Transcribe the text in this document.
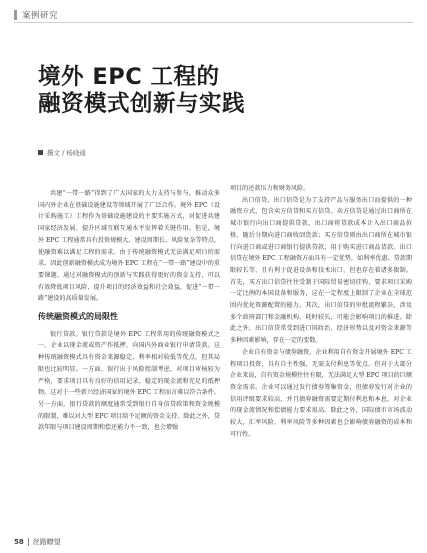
案例研究
境外 EPC 工程的
融资模式创新与实践
撰文 / 杨晓通

共建“一带一路”得到了广大国家的大力支持与参与，推动众多国内外企业在基础设施建设等领域开展了广泛合作。境外 EPC（设计采购施工）工程作为基础设施建设的主要实施方式，对促进共建国家经济发展、提升区域互联互通水平发挥着关键作用。但是，境外 EPC 工程通常具有投资规模大、建设周期长、风险复杂等特点，使融资难以满足工程的需求。由于传统融资模式无法满足项目的需求，因此创新融资模式成为境外 EPC 工程在“一带一路”建设中的重要课题。通过对融资模式的创新与实践获得更好的资金支持，可以有效降低项目风险，提升项目的经济效益和社会效益，促进“一带一路”建设的高质量发展。

传统融资模式的局限性

银行贷款。银行贷款是境外 EPC 工程常用的传统融资模式之一。企业以现金流或资产作抵押，向国内外商业银行申请贷款。这种传统融资模式具有资金来源稳定、利率相对较低等优点，但其局限也比较明显。一方面，银行出于风险控制考虑，对项目审核较为严格，要求项目具有良好的信用记录、稳定的现金流和充足的抵押物。这对于一些新兴经济国家的境外 EPC 工程而言难以符合条件。另一方面，银行贷款的额度通常受到银行自身信贷政策和资金规模的限制，难以对大型 EPC 项目给予足额的资金支持。除此之外，贷款年限与项目建设周期和偿还能力不一致，也会增强

项目的还款压力和财务风险。

出口信贷。出口信贷是为了支持产品与服务出口而提供的一种融资方式，包含卖方信贷和买方信贷。卖方信贷是通过出口商所在城市银行向出口商提供贷款，出口商将贷款成本计入出口商品价格，随后分期向进口商收回货款；买方信贷则由出口商所在城市银行向进口商或进口商银行提供贷款，用于购买进口商品货款。出口信贷在境外 EPC 工程融资方面具有一定优势，如利率优惠、贷款期限较长等，且有利于促进设备和技术出口，但也存在着诸多限制。首先，买方出口信贷往往受制于国际贸易密切挂钩，要求项目采购一定比例的本国设备和服务，这在一定程度上限制了企业在全球范围内优化资源配置的能力。其次，出口信贷的审批流程繁杂，涉及多个政府部门和金融机构，耗时较长，可能会影响项目的推进。除此之外，出口信贷常受到进口国政治、经济形势以及对资金来源等多种因素影响，存在一定的变数。

企业自有资金与债券融资。企业利用自有资金开展境外 EPC 工程项目投资，具有自主性强、无需支付利息等优点。但对于大部分企业来说，自有资金规模往往有限，无法满足大型 EPC 项目的巨额资金需求。企业可以通过发行债券筹集资金，但债券发行对企业的信用评级要求较高，并且债券融资需要定期付利息和本息，对企业的现金流情况和偿债能力要求很高。除此之外，国际债市市场波动较大，汇率风险、利率风险等多种因素也会影响债券融资的成本和可行性。

58 丝路瞭望
